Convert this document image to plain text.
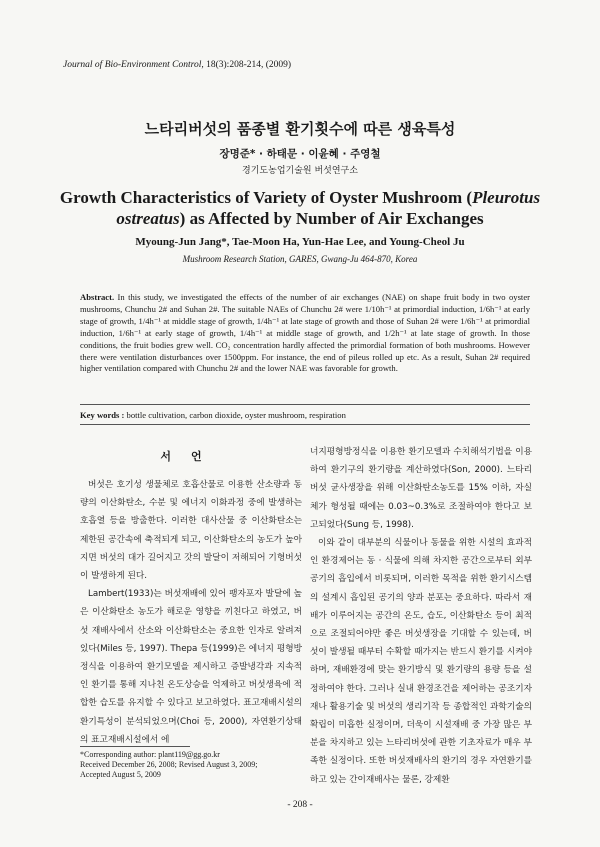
Journal of Bio-Environment Control, 18(3):208-214, (2009)
느타리버섯의 품종별 환기횟수에 따른 생육특성
장명준* · 하태문 · 이윤혜 · 주영철
경기도농업기술원 버섯연구소
Growth Characteristics of Variety of Oyster Mushroom (Pleurotus ostreatus) as Affected by Number of Air Exchanges
Myoung-Jun Jang*, Tae-Moon Ha, Yun-Hae Lee, and Young-Cheol Ju
Mushroom Research Station, GARES, Gwang-Ju 464-870, Korea
Abstract. In this study, we investigated the effects of the number of air exchanges (NAE) on shape fruit body in two oyster mushrooms, Chunchu 2# and Suhan 2#. The suitable NAEs of Chunchu 2# were 1/10h⁻¹ at primordial induction, 1/6h⁻¹ at early stage of growth, 1/4h⁻¹ at middle stage of growth, 1/4h⁻¹ at late stage of growth and those of Suhan 2# were 1/6h⁻¹ at primordial induction, 1/6h⁻¹ at early stage of growth, 1/4h⁻¹ at middle stage of growth, and 1/2h⁻¹ at late stage of growth. In those conditions, the fruit bodies grew well. CO₂ concentration hardly affected the primordial formation of both mushrooms. However there were ventilation disturbances over 1500ppm. For instance, the end of pileus rolled up etc. As a result, Suhan 2# required higher ventilation compared with Chunchu 2# and the lower NAE was favorable for growth.
Key words : bottle cultivation, carbon dioxide, oyster mushroom, respiration
서언

버섯은 호기성 생물체로 호흡산물로 이용한 산소량과 동량의 이산화탄소, 수분 및 에너지 이화과정 중에 발생하는 호흡열 등을 방출한다. 이러한 대사산물 중 이산화탄소는 제한된 공간속에 축적되게 되고, 이산화탄소의 농도가 높아지면 버섯의 대가 길어지고 갓의 발달이 저해되어 기형버섯이 발생하게 된다.

Lambert(1933)는 버섯재배에 있어 팽자포자 발달에 높은 이산화탄소 농도가 해로운 영향을 끼친다고 하였고, 버섯 재배사에서 산소와 이산화탄소는 중요한 인자로 알려져 있다(Miles 등, 1997). Thepa 등(1999)은 에너지 평형방정식을 이용하여 환기모델을 제시하고 증발냉각과 지속적인 환기를 통해 지나친 온도상승을 억제하고 버섯생육에 적합한 습도를 유지할 수 있다고 보고하였다. 표고재배시설의 환기특성이 분석되었으며(Choi 등, 2000), 자연환기상태의 표고재배시설에서 에

너지평형방정식을 이용한 환기모델과 수치해석기법을 이용하여 환기구의 환기량을 계산하였다(Son, 2000). 느타리버섯 균사생장을 위해 이산화탄소농도를 15% 이하, 자실체가 형성될 때에는 0.03~0.3%로 조절하여야 한다고 보고되었다(Sung 등, 1998).

이와 같이 대부분의 식물이나 동물을 위한 시설의 효과적인 환경제어는 동 · 식물에 의해 차지한 공간으로부터 외부 공기의 흡입에서 비롯되며, 이러한 목적을 위한 환기시스템의 설계시 흡입된 공기의 양과 분포는 중요하다. 따라서 재배가 이루어지는 공간의 온도, 습도, 이산화탄소 등이 최적으로 조절되어야만 좋은 버섯생장을 기대할 수 있는데, 버섯이 발생될 때부터 수확할 때가지는 반드시 환기를 시켜야 하며, 재배환경에 맞는 환기방식 및 환기량의 용량 등을 설정하여야 한다. 그러나 실내 환경조건을 제어하는 공조기자재나 활용기술 및 버섯의 생리기작 등 종합적인 과학기술의 확립이 미흡한 실정이며, 더욱이 시설재배 중 가장 많은 부분을 차지하고 있는 느타리버섯에 관한 기초자료가 매우 부족한 실정이다. 또한 버섯재배사의 환기의 경우 자연환기를 하고 있는 간이재배사는 물론, 강제환

*Corresponding author: plant119@gg.go.kr
Received December 26, 2008; Revised August 3, 2009;
Accepted August 5, 2009
- 208 -
